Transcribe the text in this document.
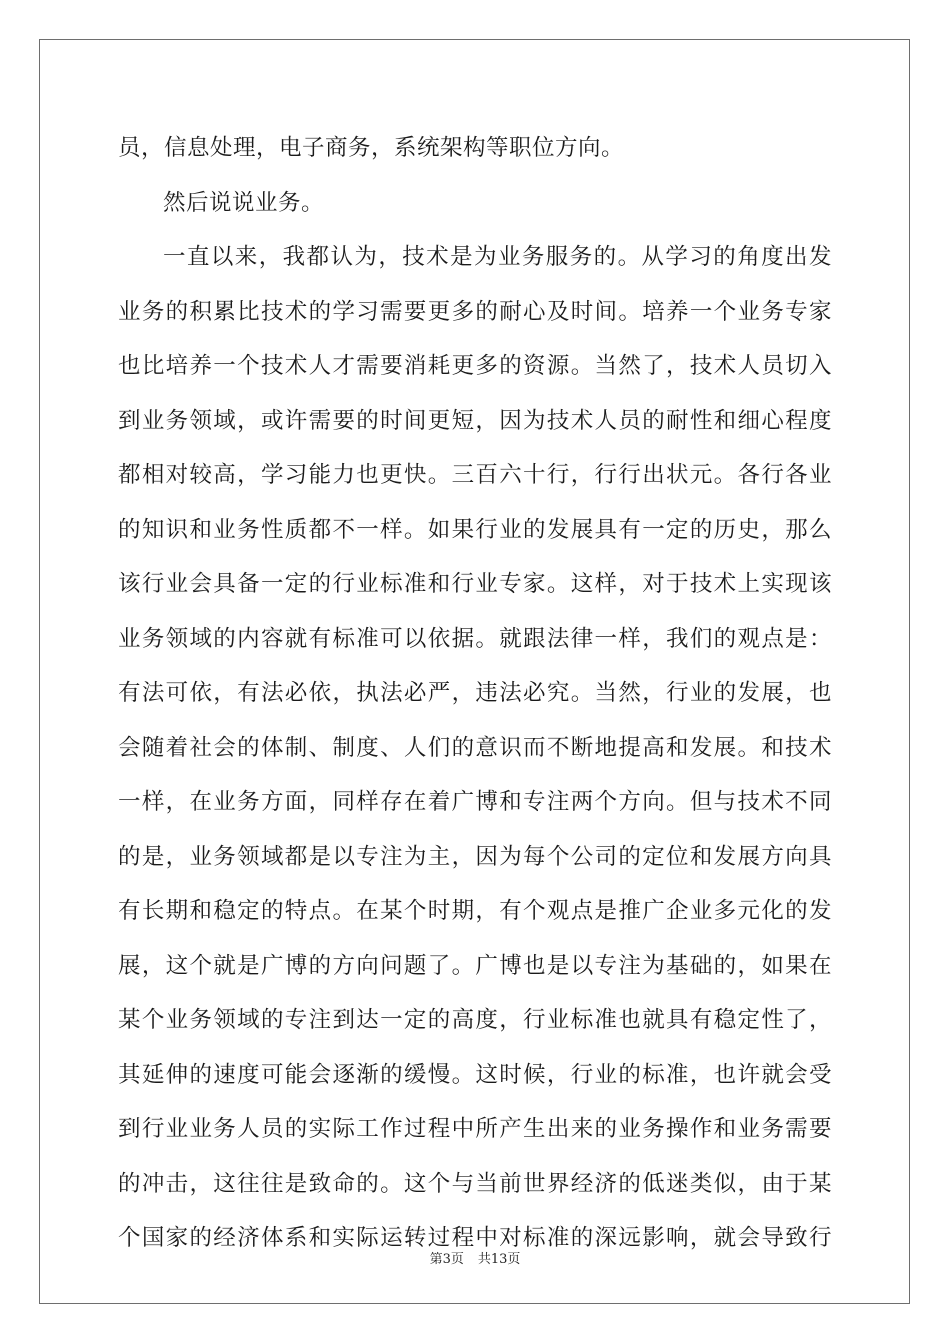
员，信息处理，电子商务，系统架构等职位方向。
然后说说业务。
一直以来，我都认为，技术是为业务服务的。从学习的角度出发
业务的积累比技术的学习需要更多的耐心及时间。培养一个业务专家
也比培养一个技术人才需要消耗更多的资源。当然了，技术人员切入
到业务领域，或许需要的时间更短，因为技术人员的耐性和细心程度
都相对较高，学习能力也更快。三百六十行，行行出状元。各行各业
的知识和业务性质都不一样。如果行业的发展具有一定的历史，那么
该行业会具备一定的行业标准和行业专家。这样，对于技术上实现该
业务领域的内容就有标准可以依据。就跟法律一样，我们的观点是：
有法可依，有法必依，执法必严，违法必究。当然，行业的发展，也
会随着社会的体制、制度、人们的意识而不断地提高和发展。和技术
一样，在业务方面，同样存在着广博和专注两个方向。但与技术不同
的是，业务领域都是以专注为主，因为每个公司的定位和发展方向具
有长期和稳定的特点。在某个时期，有个观点是推广企业多元化的发
展，这个就是广博的方向问题了。广博也是以专注为基础的，如果在
某个业务领域的专注到达一定的高度，行业标准也就具有稳定性了，
其延伸的速度可能会逐渐的缓慢。这时候，行业的标准，也许就会受
到行业业务人员的实际工作过程中所产生出来的业务操作和业务需要
的冲击，这往往是致命的。这个与当前世界经济的低迷类似，由于某
个国家的经济体系和实际运转过程中对标准的深远影响，就会导致行
第3页 共13页
